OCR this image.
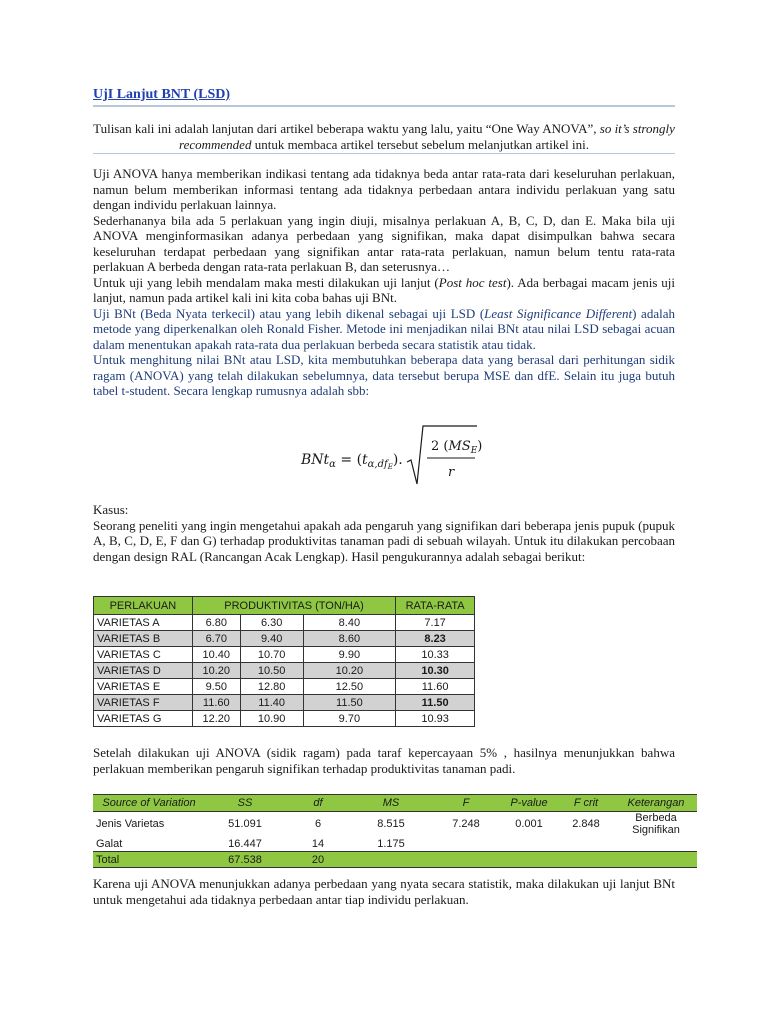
UjI Lanjut BNT (LSD)
Tulisan kali ini adalah lanjutan dari artikel beberapa waktu yang lalu, yaitu “One Way ANOVA”, so it’s strongly recommended untuk membaca artikel tersebut sebelum melanjutkan artikel ini.

Uji ANOVA hanya memberikan indikasi tentang ada tidaknya beda antar rata-rata dari keseluruhan perlakuan, namun belum memberikan informasi tentang ada tidaknya perbedaan antara individu perlakuan yang satu dengan individu perlakuan lainnya.

Sederhananya bila ada 5 perlakuan yang ingin diuji, misalnya perlakuan A, B, C, D, dan E. Maka bila uji ANOVA menginformasikan adanya perbedaan yang signifikan, maka dapat disimpulkan bahwa secara keseluruhan terdapat perbedaan yang signifikan antar rata-rata perlakuan, namun belum tentu rata-rata perlakuan A berbeda dengan rata-rata perlakuan B, dan seterusnya…

Untuk uji yang lebih mendalam maka mesti dilakukan uji lanjut (Post hoc test). Ada berbagai macam jenis uji lanjut, namun pada artikel kali ini kita coba bahas uji BNt.

Uji BNt (Beda Nyata terkecil) atau yang lebih dikenal sebagai uji LSD (Least Significance Different) adalah metode yang diperkenalkan oleh Ronald Fisher. Metode ini menjadikan nilai BNt atau nilai LSD sebagai acuan dalam menentukan apakah rata-rata dua perlakuan berbeda secara statistik atau tidak.

Untuk menghitung nilai BNt atau LSD, kita membutuhkan beberapa data yang berasal dari perhitungan sidik ragam (ANOVA) yang telah dilakukan sebelumnya, data tersebut berupa MSE dan dfE. Selain itu juga butuh tabel t-student. Secara lengkap rumusnya adalah sbb:

$BNt_\alpha = (t_{\alpha,df}E)$.
2 $(MS_E)$
r

Kasus:

Seorang peneliti yang ingin mengetahui apakah ada pengaruh yang signifikan dari beberapa jenis pupuk (pupuk A, B, C, D, E, F dan G) terhadap produktivitas tanaman padi di sebuah wilayah. Untuk itu dilakukan percobaan dengan design RAL (Rancangan Acak Lengkap). Hasil pengukurannya adalah sebagai berikut:

PERLAKUAN	PRODUKTIVITAS (TON/HA)			RATA-RATA
VARIETAS A	6.80	6.30	8.40	7.17
VARIETAS B	6.70	9.40	8.60	8.23
VARIETAS C	10.40	10.70	9.90	10.33
VARIETAS D	10.20	10.50	10.20	10.30
VARIETAS E	9.50	12.80	12.50	11.60
VARIETAS F	11.60	11.40	11.50	11.50
VARIETAS G	12.20	10.90	9.70	10.93
Setelah dilakukan uji ANOVA (sidik ragam) pada taraf kepercayaan 5% , hasilnya menunjukkan bahwa perlakuan memberikan pengaruh signifikan terhadap produktivitas tanaman padi.
Source of Variation	SS	df	MS	F	P-value	F crit	Keterangan
Jenis Varietas	51.091	6	8.515	7.248	0.001	2.848	Berbeda Signifikan
Galat	16.447	14	1.175				
Total	67.538	20					
Karena uji ANOVA menunjukkan adanya perbedaan yang nyata secara statistik, maka dilakukan uji lanjut BNt untuk mengetahui ada tidaknya perbedaan antar tiap individu perlakuan.
